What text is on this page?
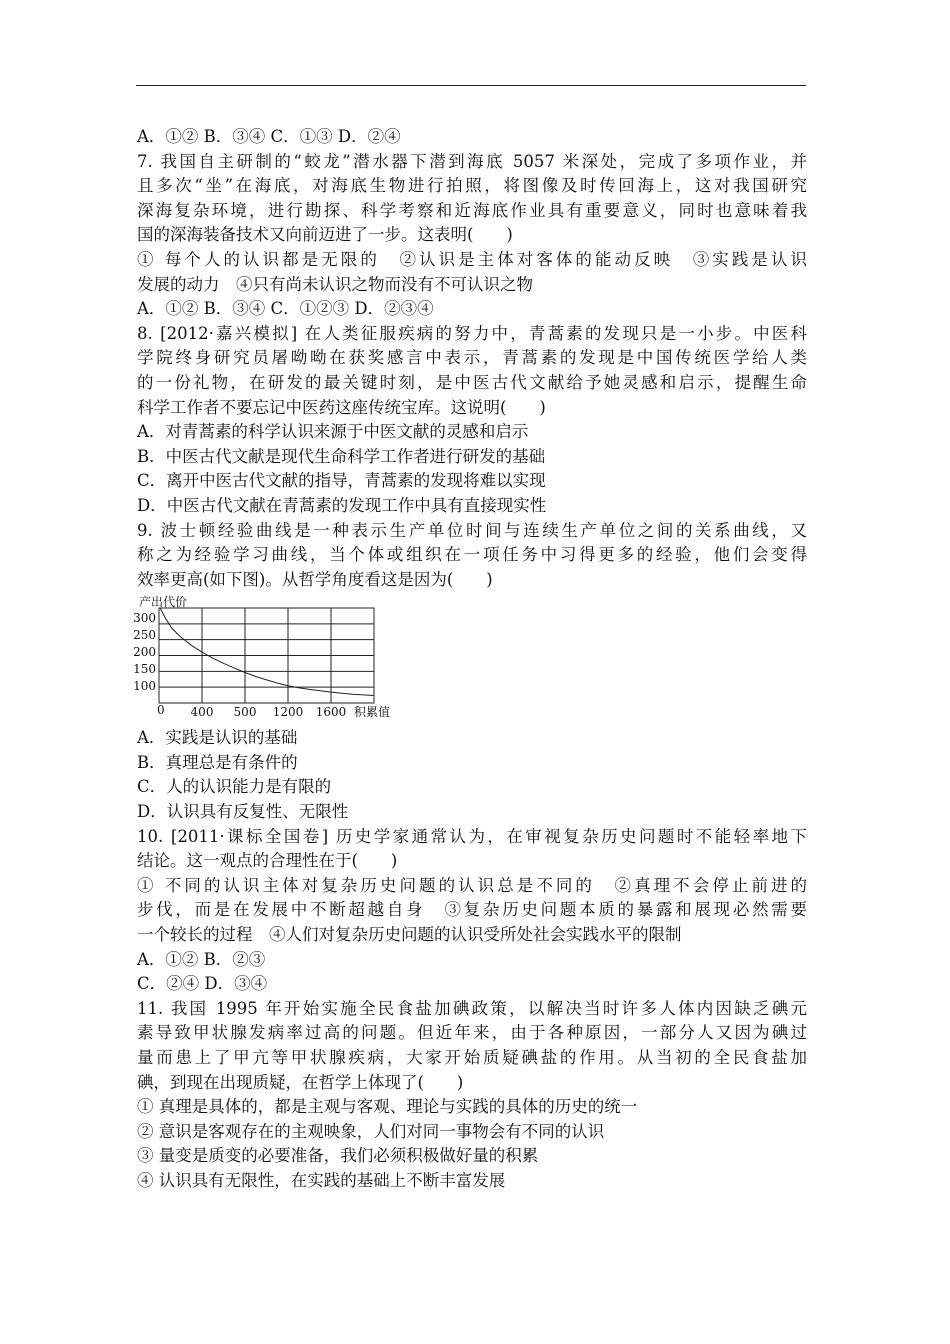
A．①② B．③④ C．①③ D．②④
7. 我国自主研制的“蛟龙”潜水器下潜到海底 5057 米深处，完成了多项作业，并
且多次“坐”在海底，对海底生物进行拍照，将图像及时传回海上，这对我国研究
深海复杂环境，进行勘探、科学考察和近海底作业具有重要意义，同时也意味着我
国的深海装备技术又向前迈进了一步。这表明(　　)
① 每个人的认识都是无限的　②认识是主体对客体的能动反映　③实践是认识
发展的动力　④只有尚未认识之物而没有不可认识之物
A．①② B．③④ C．①②③ D．②③④
8. [2012·嘉兴模拟] 在人类征服疾病的努力中，青蒿素的发现只是一小步。中医科
学院终身研究员屠呦呦在获奖感言中表示，青蒿素的发现是中国传统医学给人类
的一份礼物，在研发的最关键时刻，是中医古代文献给予她灵感和启示，提醒生命
科学工作者不要忘记中医药这座传统宝库。这说明(　　)
A．对青蒿素的科学认识来源于中医文献的灵感和启示
B．中医古代文献是现代生命科学工作者进行研发的基础
C．离开中医古代文献的指导，青蒿素的发现将难以实现
D．中医古代文献在青蒿素的发现工作中具有直接现实性
9. 波士顿经验曲线是一种表示生产单位时间与连续生产单位之间的关系曲线，又
称之为经验学习曲线，当个体或组织在一项任务中习得更多的经验，他们会变得
效率更高(如下图)。从哲学角度看这是因为(　　)
产出代价
100
150
200
250
300
400 500 1200 1600
0	积累值
A．实践是认识的基础
B．真理总是有条件的
C．人的认识能力是有限的
D．认识具有反复性、无限性
10. [2011·课标全国卷] 历史学家通常认为，在审视复杂历史问题时不能轻率地下
结论。这一观点的合理性在于(　　)
① 不同的认识主体对复杂历史问题的认识总是不同的　②真理不会停止前进的
步伐，而是在发展中不断超越自身　③复杂历史问题本质的暴露和展现必然需要
一个较长的过程　④人们对复杂历史问题的认识受所处社会实践水平的限制
A．①② B．②③
C．②④ D．③④
11. 我国 1995 年开始实施全民食盐加碘政策，以解决当时许多人体内因缺乏碘元
素导致甲状腺发病率过高的问题。但近年来，由于各种原因，一部分人又因为碘过
量而患上了甲亢等甲状腺疾病，大家开始质疑碘盐的作用。从当初的全民食盐加
碘，到现在出现质疑，在哲学上体现了(　　)
① 真理是具体的，都是主观与客观、理论与实践的具体的历史的统一
② 意识是客观存在的主观映象，人们对同一事物会有不同的认识
③ 量变是质变的必要准备，我们必须积极做好量的积累
④ 认识具有无限性，在实践的基础上不断丰富发展
